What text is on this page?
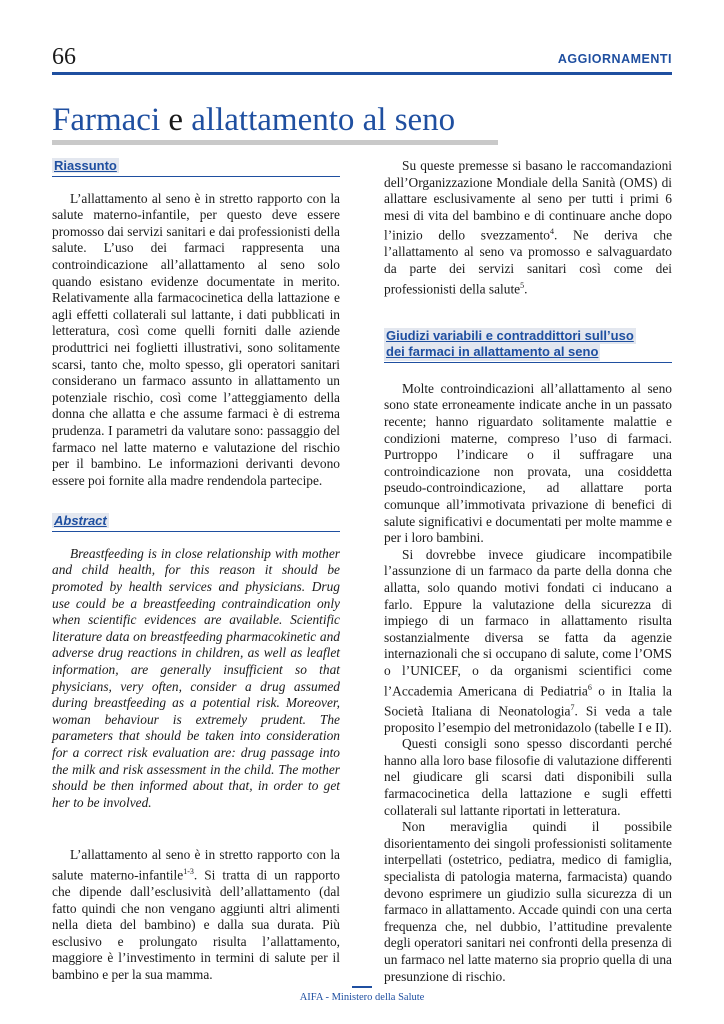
66	AGGIORNAMENTI
Farmaci e allattamento al seno
Riassunto

L’allattamento al seno è in stretto rapporto con la salute materno-infantile, per questo deve essere promosso dai servizi sanitari e dai professionisti della salute. L’uso dei farmaci rappresenta una controindicazione all’allattamento al seno solo quando esistano evidenze documentate in merito. Relativamente alla farmacocinetica della lattazione e agli effetti collaterali sul lattante, i dati pubblicati in letteratura, così come quelli forniti dalle aziende produttrici nei foglietti illustrativi, sono solitamente scarsi, tanto che, molto spesso, gli operatori sanitari considerano un farmaco assunto in allattamento un potenziale rischio, così come l’atteggiamento della donna che allatta e che assume farmaci è di estrema prudenza. I parametri da valutare sono: passaggio del farmaco nel latte materno e valutazione del rischio per il bambino. Le informazioni derivanti devono essere poi fornite alla madre rendendola partecipe.

Abstract

Breastfeeding is in close relationship with mother and child health, for this reason it should be promoted by health services and physicians. Drug use could be a breastfeeding contraindication only when scientific evidences are available. Scientific literature data on breastfeeding pharmacokinetic and adverse drug reactions in children, as well as leaflet information, are generally insufficient so that physicians, very often, consider a drug assumed during breastfeeding as a potential risk. Moreover, woman behaviour is extremely prudent. The parameters that should be taken into consideration for a correct risk evaluation are: drug passage into the milk and risk assessment in the child. The mother should be then informed about that, in order to get her to be involved.

L’allattamento al seno è in stretto rapporto con la salute materno-infantile$^{1-3}$. Si tratta di un rapporto che dipende dall’esclusività dell’allattamento (dal fatto quindi che non vengano aggiunti altri alimenti nella dieta del bambino) e dalla sua durata. Più esclusivo e prolungato risulta l’allattamento, maggiore è l’investimento in termini di salute per il bambino e per la sua mamma.

Su queste premesse si basano le raccomandazioni dell’Organizzazione Mondiale della Sanità (OMS) di allattare esclusivamente al seno per tutti i primi 6 mesi di vita del bambino e di continuare anche dopo l’inizio dello svezzamento$^4$. Ne deriva che l’allattamento al seno va promosso e salvaguardato da parte dei servizi sanitari così come dei professionisti della salute$^5$.

Giudizi variabili e contraddittori sull’uso
dei farmaci in allattamento al seno

Molte controindicazioni all’allattamento al seno sono state erroneamente indicate anche in un passato recente; hanno riguardato solitamente malattie e condizioni materne, compreso l’uso di farmaci. Purtroppo l’indicare o il suffragare una controindicazione non provata, una cosiddetta pseudo-controindicazione, ad allattare porta comunque all’immotivata privazione di benefici di salute significativi e documentati per molte mamme e per i loro bambini.

Si dovrebbe invece giudicare incompatibile l’assunzione di un farmaco da parte della donna che allatta, solo quando motivi fondati ci inducano a farlo. Eppure la valutazione della sicurezza di impiego di un farmaco in allattamento risulta sostanzialmente diversa se fatta da agenzie internazionali che si occupano di salute, come l’OMS o l’UNICEF, o da organismi scientifici come l’Accademia Americana di Pediatria$^6$ o in Italia la Società Italiana di Neonatologia$^7$. Si veda a tale proposito l’esempio del metronidazolo (tabelle I e II).

Questi consigli sono spesso discordanti perché hanno alla loro base filosofie di valutazione differenti nel giudicare gli scarsi dati disponibili sulla farmacocinetica della lattazione e sugli effetti collaterali sul lattante riportati in letteratura.

Non meraviglia quindi il possibile disorientamento dei singoli professionisti solitamente interpellati (ostetrico, pediatra, medico di famiglia, specialista di patologia materna, farmacista) quando devono esprimere un giudizio sulla sicurezza di un farmaco in allattamento. Accade quindi con una certa frequenza che, nel dubbio, l’attitudine prevalente degli operatori sanitari nei confronti della presenza di un farmaco nel latte materno sia proprio quella di una presunzione di rischio.

AIFA - Ministero della Salute
